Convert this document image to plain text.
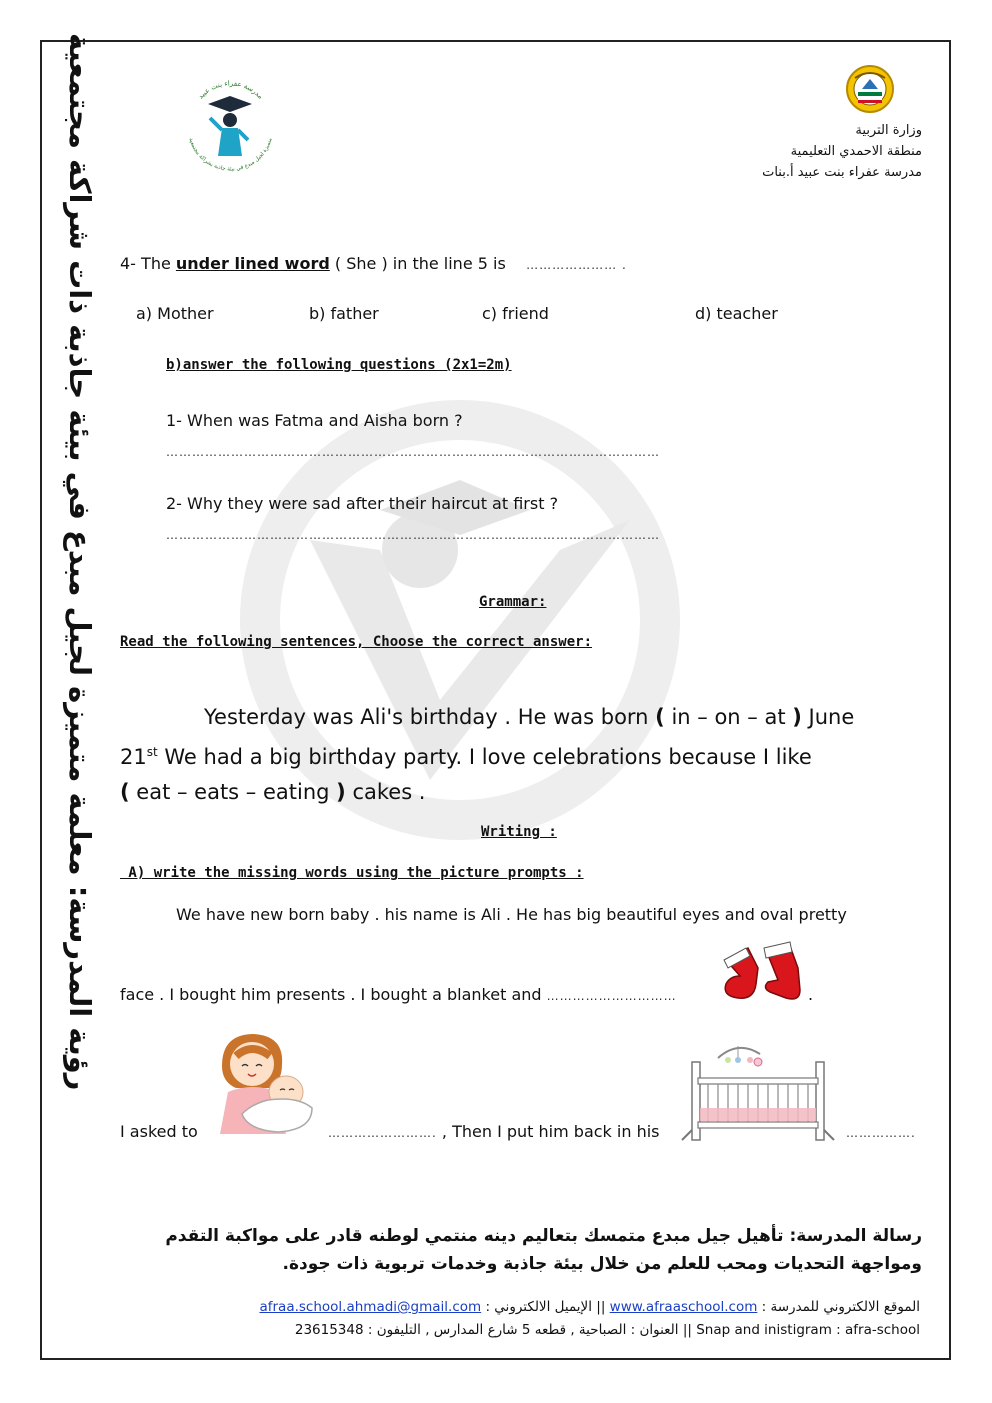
وزارة التربية
منطقة الاحمدي التعليمية
مدرسة عفراء بنت عبيد أ.بنات
مدرسة عفراء بنت عبيد
متميزة لجيل مبدع في بيئة جاذبة بشراكة مجتمعية
رؤية المدرسة: معلمة متميزة لجيل مبدع في بيئة جاذبة ذات شراكة مجتمعية	4- The under lined word ( She ) in the line 5 is ………………… .
a) Mother	b) father	c) friend	d) teacher
b)answer the following questions (2x1=2m)
1- When was Fatma and Aisha born ?
……………………………………………………………………………………………………
2- Why they were sad after their haircut at first ?
……………………………………………………………………………………………………
Grammar:
Read the following sentences, Choose the correct answer:
Yesterday was Ali's birthday . He was born ( in – on – at ) June
21st We had a big birthday party. I love celebrations because I like
( eat – eats – eating ) cakes .
Writing :
A) write the missing words using the picture prompts :
We have new born baby . his name is Ali . He has big beautiful eyes and oval pretty
face . I bought him presents . I bought a blanket and …………………………	.
I asked to	……………………. , Then I put him back in his	…………….
رسالة المدرسة: تأهيل جيل مبدع متمسك بتعاليم دينه منتمي لوطنه قادر على مواكبة التقدم ومواجهة التحديات ومحب للعلم من خلال بيئة جاذبة وخدمات تربوية ذات جودة.
الموقع الالكتروني للمدرسة : www.afraaschool.com || الإيميل الالكتروني : afraa.school.ahmadi@gmail.com
Snap and inistigram : afra-school || العنوان : الصباحية , قطعه 5 شارع المدارس , التليفون : 23615348
